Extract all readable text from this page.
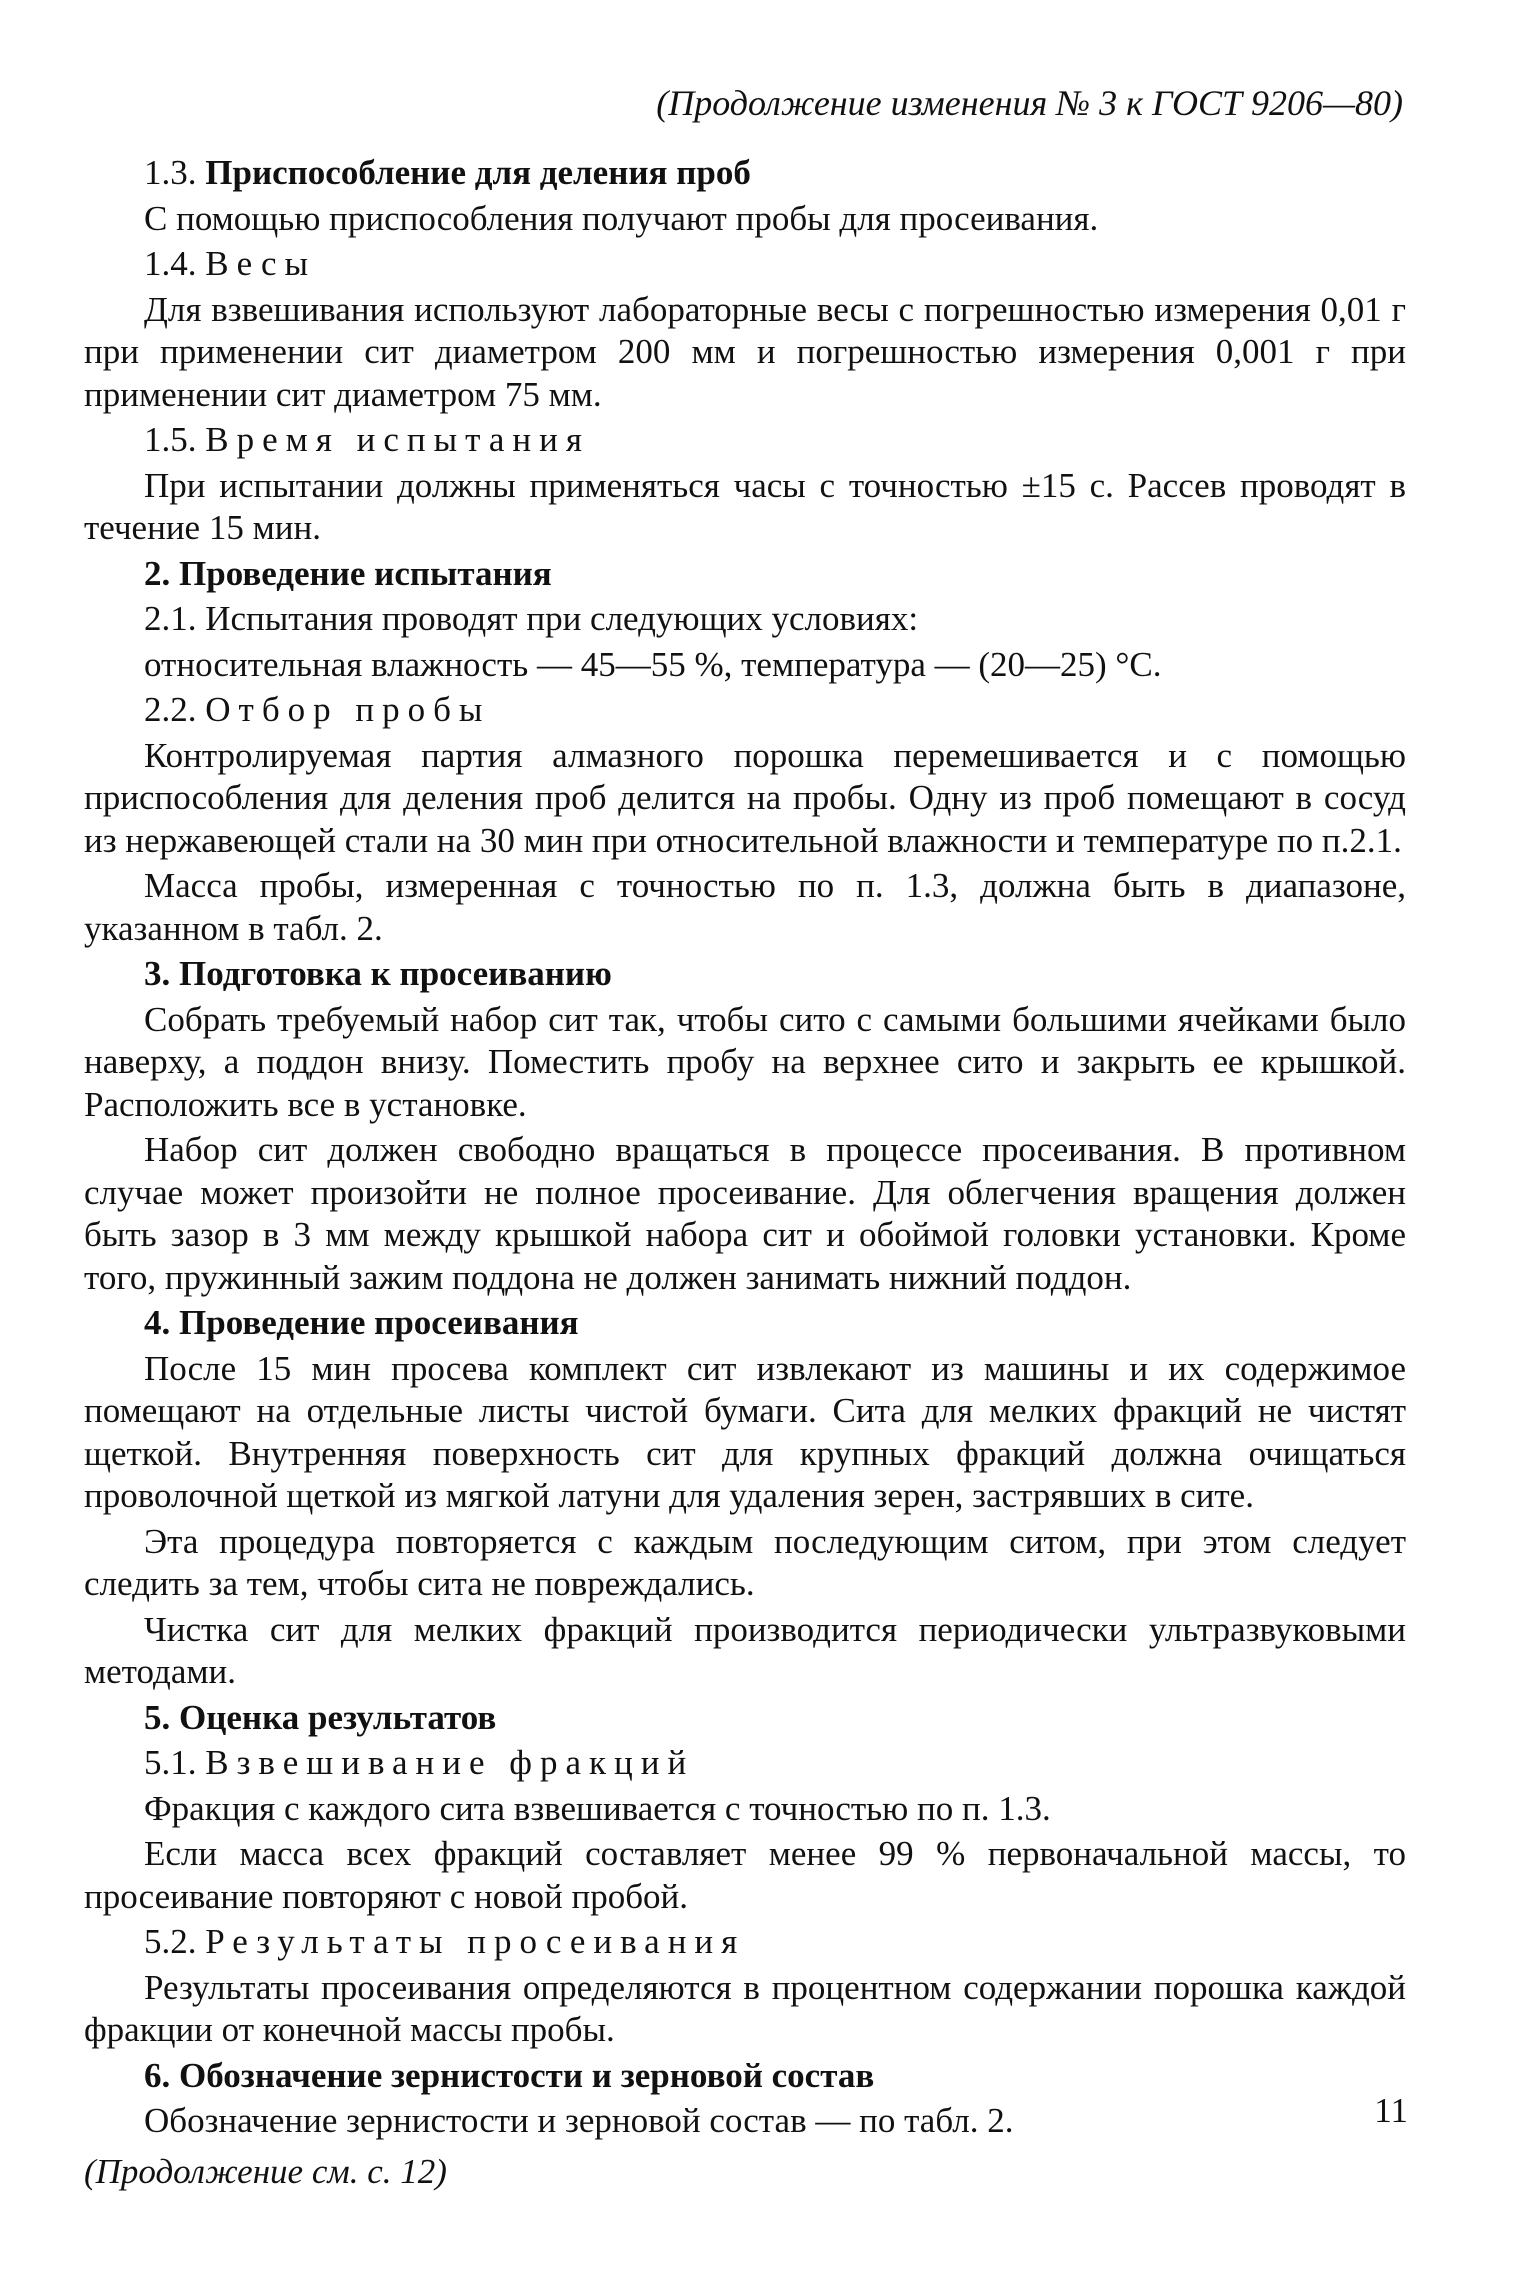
(Продолжение изменения № 3 к ГОСТ 9206—80)

1.3. Приспособление для деления проб

С помощью приспособления получают пробы для просеивания.

1.4. Весы

Для взвешивания используют лабораторные весы с погрешностью измерения 0,01 г при применении сит диаметром 200 мм и погрешностью измерения 0,001 г при применении сит диаметром 75 мм.

1.5. Время испытания

При испытании должны применяться часы с точностью ±15 с. Рассев проводят в течение 15 мин.

2. Проведение испытания

2.1. Испытания проводят при следующих условиях:

относительная влажность — 45—55 %, температура — (20—25) °С.

2.2. Отбор пробы

Контролируемая партия алмазного порошка перемешивается и с помощью приспособления для деления проб делится на пробы. Одну из проб помещают в сосуд из нержавеющей стали на 30 мин при относительной влажности и температуре по п.2.1.

Масса пробы, измеренная с точностью по п. 1.3, должна быть в диапазоне, указанном в табл. 2.

3. Подготовка к просеиванию

Собрать требуемый набор сит так, чтобы сито с самыми большими ячейками было наверху, а поддон внизу. Поместить пробу на верхнее сито и закрыть ее крышкой. Расположить все в установке.

Набор сит должен свободно вращаться в процессе просеивания. В противном случае может произойти не полное просеивание. Для облегчения вращения должен быть зазор в 3 мм между крышкой набора сит и обоймой головки установки. Кроме того, пружинный зажим поддона не должен занимать нижний поддон.

4. Проведение просеивания

После 15 мин просева комплект сит извлекают из машины и их содержимое помещают на отдельные листы чистой бумаги. Сита для мелких фракций не чистят щеткой. Внутренняя поверхность сит для крупных фракций должна очищаться проволочной щеткой из мягкой латуни для удаления зерен, застрявших в сите.

Эта процедура повторяется с каждым последующим ситом, при этом следует следить за тем, чтобы сита не повреждались.

Чистка сит для мелких фракций производится периодически ультразвуковыми методами.

5. Оценка результатов

5.1. Взвешивание фракций

Фракция с каждого сита взвешивается с точностью по п. 1.3.

Если масса всех фракций составляет менее 99 % первоначальной массы, то просеивание повторяют с новой пробой.

5.2. Результаты просеивания

Результаты просеивания определяются в процентном содержании порошка каждой фракции от конечной массы пробы.

6. Обозначение зернистости и зерновой состав

Обозначение зернистости и зерновой состав — по табл. 2.

(Продолжение см. с. 12)

11
